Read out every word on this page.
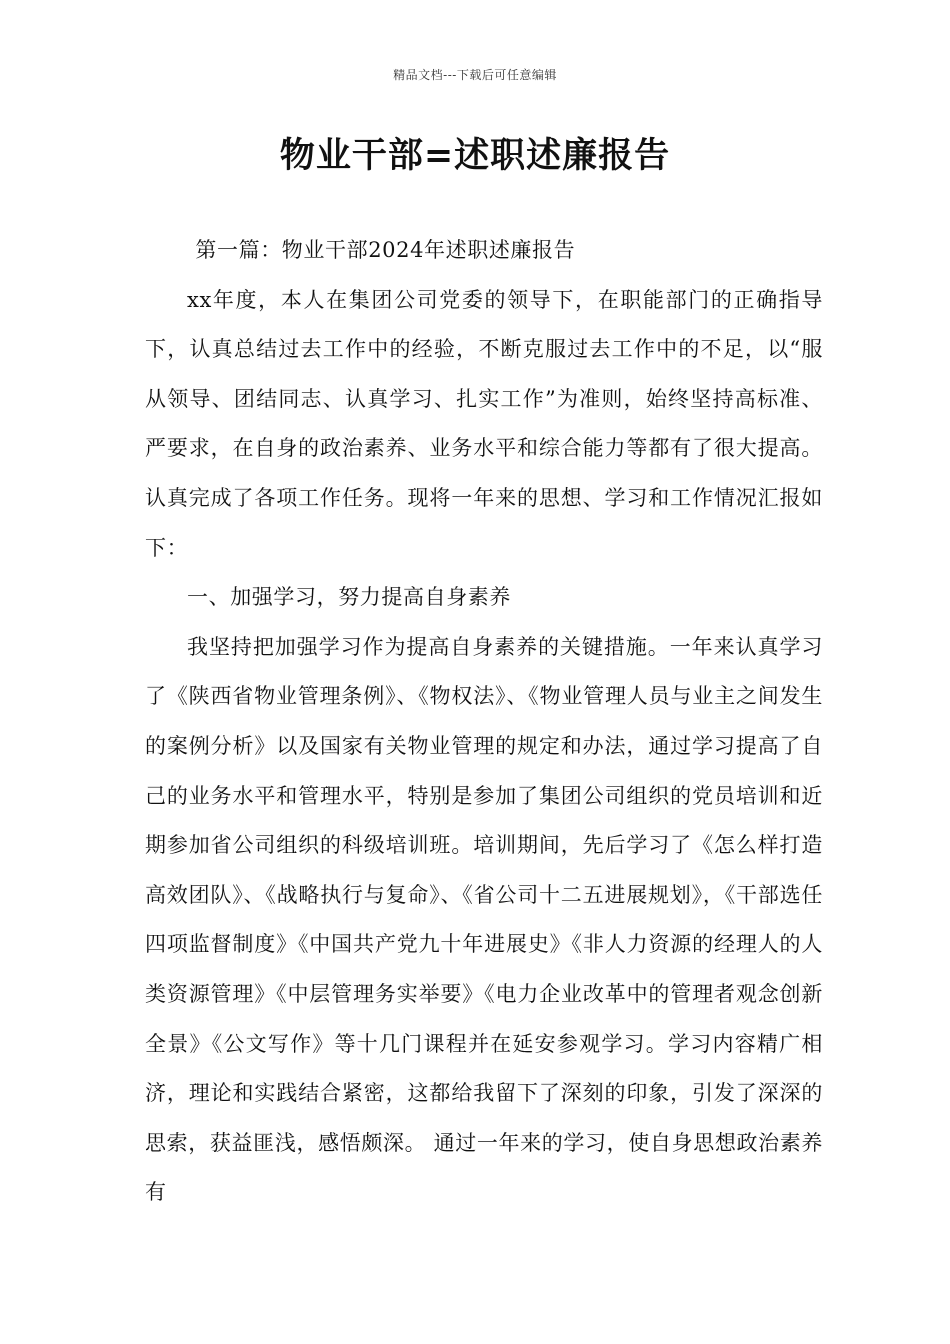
精品文档---下载后可任意编辑
物业干部=述职述廉报告

第一篇：物业干部2024年述职述廉报告

xx年度，本人在集团公司党委的领导下，在职能部门的正确指导下，认真总结过去工作中的经验，不断克服过去工作中的不足，以“服从领导、团结同志、认真学习、扎实工作”为准则，始终坚持高标准、严要求，在自身的政治素养、业务水平和综合能力等都有了很大提高。认真完成了各项工作任务。现将一年来的思想、学习和工作情况汇报如下：

一、加强学习，努力提高自身素养

我坚持把加强学习作为提高自身素养的关键措施。一年来认真学习了《陕西省物业管理条例》、《物权法》、《物业管理人员与业主之间发生的案例分析》以及国家有关物业管理的规定和办法，通过学习提高了自己的业务水平和管理水平，特别是参加了集团公司组织的党员培训和近期参加省公司组织的科级培训班。培训期间，先后学习了《怎么样打造高效团队》、《战略执行与复命》、《省公司十二五进展规划》，《干部选任四项监督制度》《中国共产党九十年进展史》《非人力资源的经理人的人类资源管理》《中层管理务实举要》《电力企业改革中的管理者观念创新全景》《公文写作》等十几门课程并在延安参观学习。学习内容精广相济，理论和实践结合紧密，这都给我留下了深刻的印象，引发了深深的思索，获益匪浅，感悟颇深。 通过一年来的学习，使自身思想政治素养有
